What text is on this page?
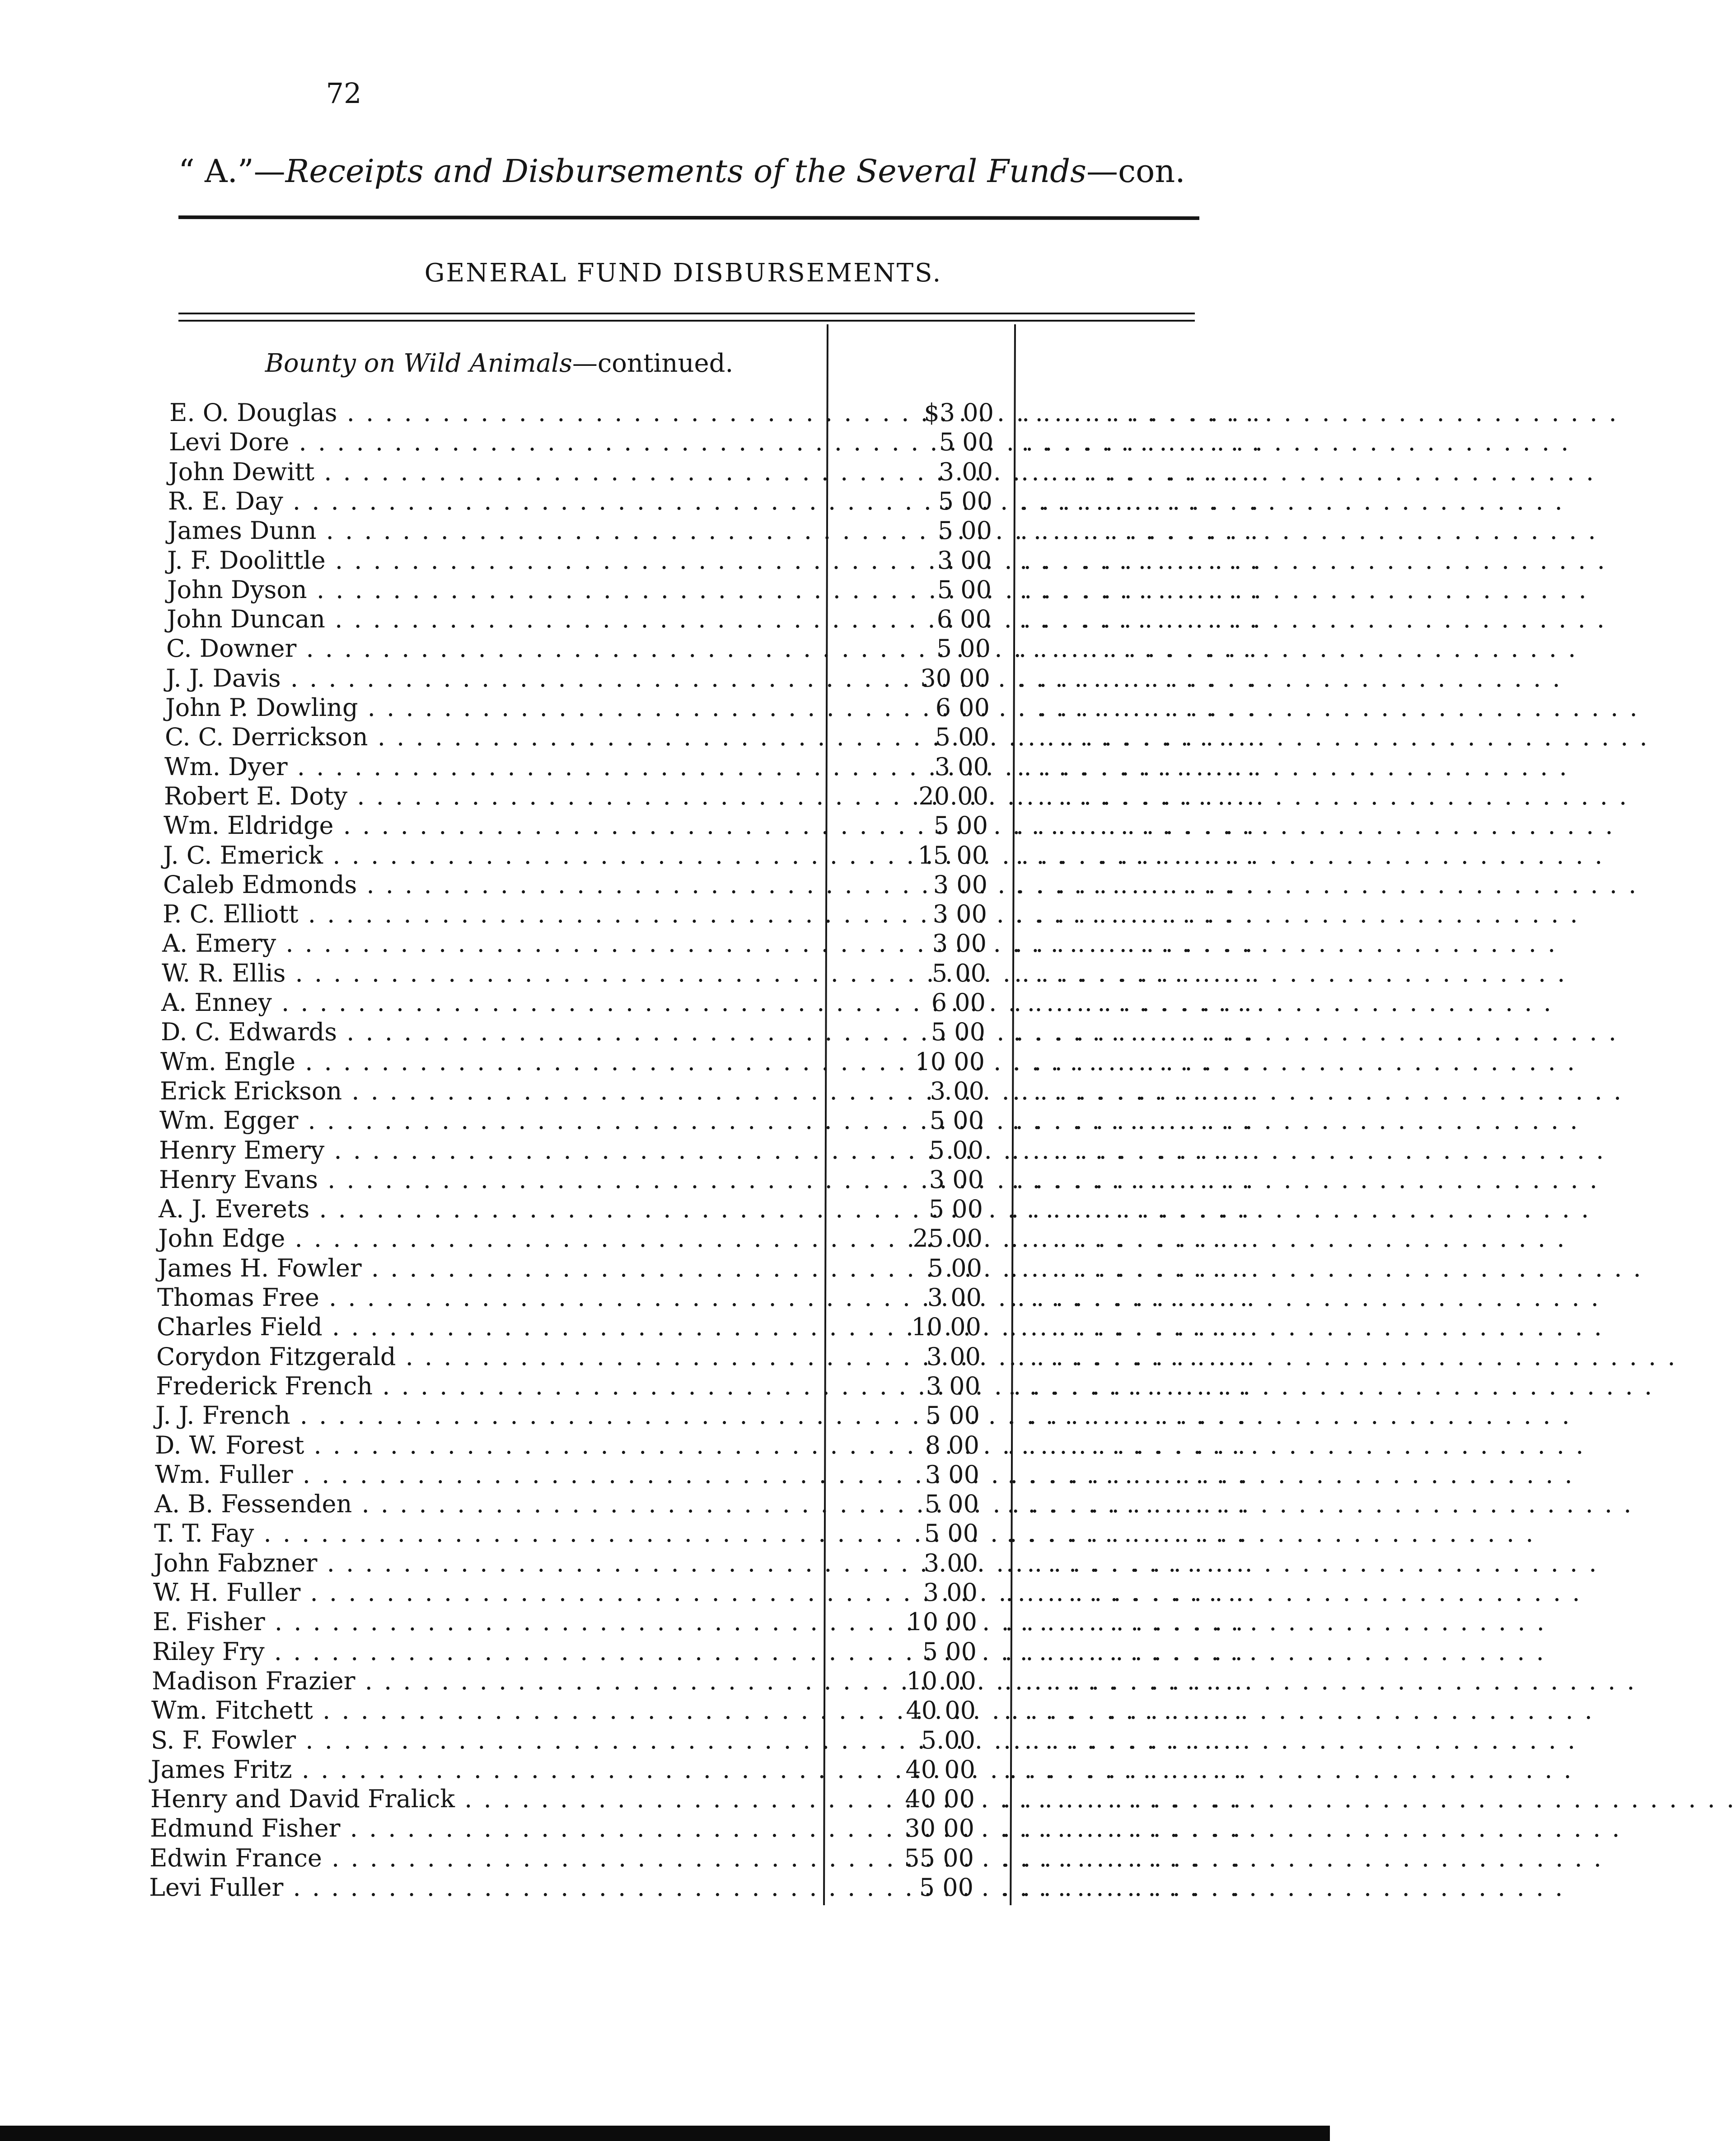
72
“ A.”—Receipts and Disbursements of the Several Funds—con.
GENERAL FUND DISBURSEMENTS.
Bounty on Wild Animals—continued.
E. O. Douglas . . .	$3 00 . . . . . . . . . . . .
Levi Dore . . .	5 00 . . . . . . . . . . . .
John Dewitt . . .	3 00 . . . . . . . . . . . .
R. E. Day . . .	5 00 . . . . . . . . . . . .
James Dunn . . .	5 00 . . . . . . . . . . . .
J. F. Doolittle . . .	3 00 . . . . . . . . . . . .
John Dyson . . .	5 00 . . . . . . . . . . . .
John Duncan . . .	6 00 . . . . . . . . . . . .
C. Downer . . .	5 00 . . . . . . . . . . . .
J. J. Davis . . .	30 00 . . . . . . . . . . . .
John P. Dowling . . .	6 00 . . . . . . . . . . . .
C. C. Derrickson . . .	5 00 . . . . . . . . . . . .
Wm. Dyer . . .	3 00 . . . . . . . . . . . .
Robert E. Doty . . .	20 00 . . . . . . . . . . . .
Wm. Eldridge . . .	5 00 . . . . . . . . . . . .
J. C. Emerick . . .	15 00 . . . . . . . . . . . .
Caleb Edmonds . . .	3 00 . . . . . . . . . . . .
P. C. Elliott . . .	3 00 . . . . . . . . . . . .
A. Emery . . .	3 00 . . . . . . . . . . . .
W. R. Ellis . . .	5 00 . . . . . . . . . . . .
A. Enney . . .	6 00 . . . . . . . . . . . .
D. C. Edwards . . .	5 00 . . . . . . . . . . . .
Wm. Engle . . .	10 00 . . . . . . . . . . . .
Erick Erickson . . .	3 00 . . . . . . . . . . . .
Wm. Egger . . .	5 00 . . . . . . . . . . . .
Henry Emery . . .	5 00 . . . . . . . . . . . .
Henry Evans . . .	3 00 . . . . . . . . . . . .
A. J. Everets . . .	5 00 . . . . . . . . . . . .
John Edge . . .	25 00 . . . . . . . . . . . .
James H. Fowler . . .	5 00 . . . . . . . . . . . .
Thomas Free . . .	3 00 . . . . . . . . . . . .
Charles Field . . .	10 00 . . . . . . . . . . . .
Corydon Fitzgerald . . .	3 00 . . . . . . . . . . . .
Frederick French . . .	3 00 . . . . . . . . . . . .
J. J. French . . .	5 00 . . . . . . . . . . . .
D. W. Forest . . .	8 00 . . . . . . . . . . . .
Wm. Fuller . . .	3 00 . . . . . . . . . . . .
A. B. Fessenden . . .	5 00 . . . . . . . . . . . .
T. T. Fay . . .	5 00 . . . . . . . . . . . .
John Fabzner . . .	3 00 . . . . . . . . . . . .
W. H. Fuller . . .	3 00 . . . . . . . . . . . .
E. Fisher . . .	10 00 . . . . . . . . . . . .
Riley Fry . . .	5 00 . . . . . . . . . . . .
Madison Frazier . . .	10 00 . . . . . . . . . . . .
Wm. Fitchett . . .	40 00 . . . . . . . . . . . .
S. F. Fowler . . .	5 00 . . . . . . . . . . . .
James Fritz . . .	40 00 . . . . . . . . . . . .
Henry and David Fralick . . .	40 00 . . . . . . . . . . . .
Edmund Fisher . . .	30 00 . . . . . . . . . . . .
Edwin France . . .	55 00 . . . . . . . . . . . .
Levi Fuller . . .	5 00 . . . . . . . . . . . .
